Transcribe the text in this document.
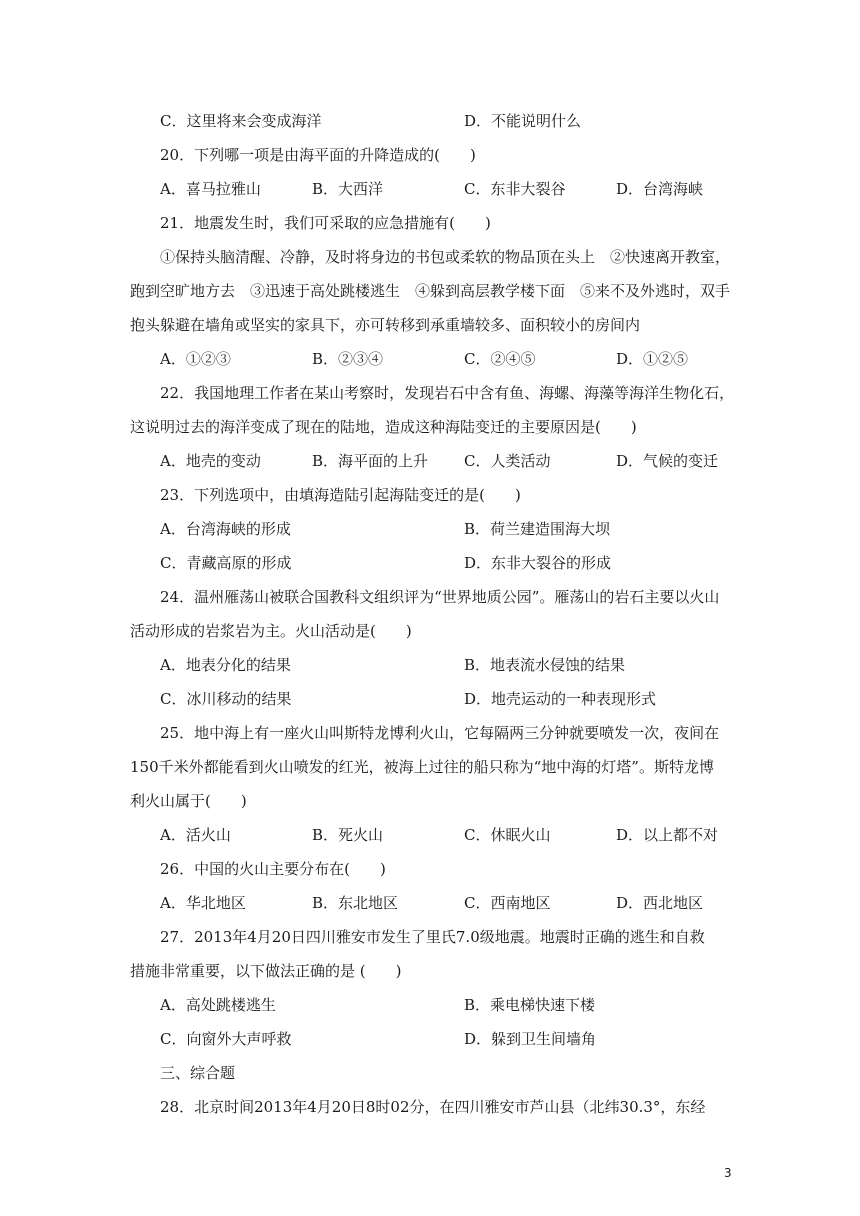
C．这里将来会变成海洋	D．不能说明什么
20．下列哪一项是由海平面的升降造成的(　　)
A．喜马拉雅山	B．大西洋	C．东非大裂谷	D．台湾海峡
21．地震发生时，我们可采取的应急措施有(　　)
①保持头脑清醒、冷静，及时将身边的书包或柔软的物品顶在头上　②快速离开教室，
跑到空旷地方去　③迅速于高处跳楼逃生　④躲到高层教学楼下面　⑤来不及外逃时，双手
抱头躲避在墙角或坚实的家具下，亦可转移到承重墙较多、面积较小的房间内
A．①②③	B．②③④	C．②④⑤	D．①②⑤
22．我国地理工作者在某山考察时，发现岩石中含有鱼、海螺、海藻等海洋生物化石，
这说明过去的海洋变成了现在的陆地，造成这种海陆变迁的主要原因是(　　)
A．地壳的变动	B．海平面的上升 C．人类活动	D．气候的变迁
23．下列选项中，由填海造陆引起海陆变迁的是(　　)
A．台湾海峡的形成	B．荷兰建造围海大坝
C．青藏高原的形成	D．东非大裂谷的形成
24．温州雁荡山被联合国教科文组织评为“世界地质公园”。雁荡山的岩石主要以火山
活动形成的岩浆岩为主。火山活动是(　　)
A．地表分化的结果	B．地表流水侵蚀的结果
C．冰川移动的结果	D．地壳运动的一种表现形式
25．地中海上有一座火山叫斯特龙博利火山，它每隔两三分钟就要喷发一次，夜间在
150千米外都能看到火山喷发的红光，被海上过往的船只称为“地中海的灯塔”。斯特龙博
利火山属于(　　)
A．活火山	B．死火山	C．休眠火山	D．以上都不对
26．中国的火山主要分布在(　　)
A．华北地区	B．东北地区	C．西南地区	D．西北地区
27．2013年4月20日四川雅安市发生了里氏7.0级地震。地震时正确的逃生和自救
措施非常重要，以下做法正确的是 (　　)
A．高处跳楼逃生	B．乘电梯快速下楼
C．向窗外大声呼救	D．躲到卫生间墙角
三、综合题
28．北京时间2013年4月20日8时02分，在四川雅安市芦山县（北纬30.3°，东经
3
